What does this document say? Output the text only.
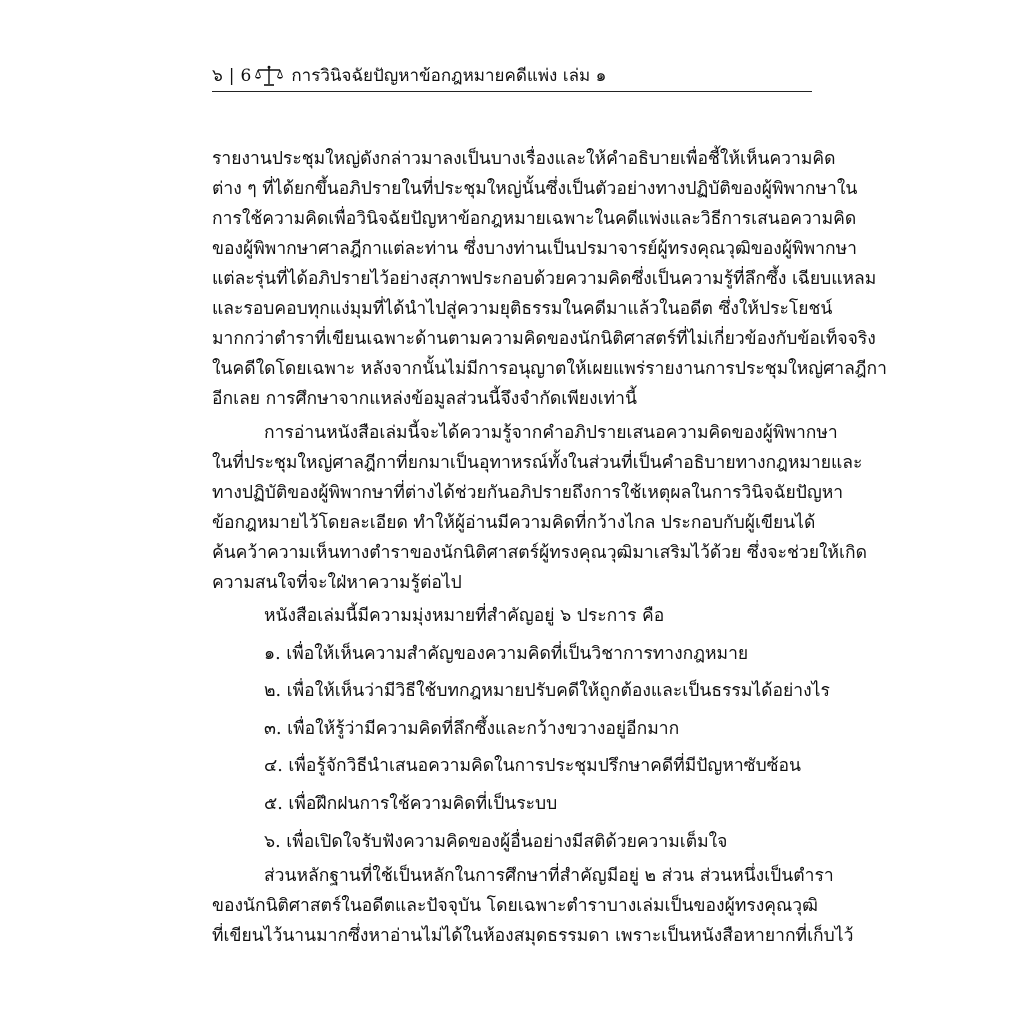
๖ | 6 การวินิจฉัยปัญหาข้อกฎหมายคดีแพ่ง เล่ม ๑
รายงานประชุมใหญ่ดังกล่าวมาลงเป็นบางเรื่องและให้คำอธิบายเพื่อชี้ให้เห็นความคิด
ต่าง ๆ ที่ได้ยกขึ้นอภิปรายในที่ประชุมใหญ่นั้นซึ่งเป็นตัวอย่างทางปฏิบัติของผู้พิพากษาใน
การใช้ความคิดเพื่อวินิจฉัยปัญหาข้อกฎหมายเฉพาะในคดีแพ่งและวิธีการเสนอความคิด
ของผู้พิพากษาศาลฎีกาแต่ละท่าน ซึ่งบางท่านเป็นปรมาจารย์ผู้ทรงคุณวุฒิของผู้พิพากษา
แต่ละรุ่นที่ได้อภิปรายไว้อย่างสุภาพประกอบด้วยความคิดซึ่งเป็นความรู้ที่ลึกซึ้ง เฉียบแหลม
และรอบคอบทุกแง่มุมที่ได้นำไปสู่ความยุติธรรมในคดีมาแล้วในอดีต ซึ่งให้ประโยชน์
มากกว่าตำราที่เขียนเฉพาะด้านตามความคิดของนักนิติศาสตร์ที่ไม่เกี่ยวข้องกับข้อเท็จจริง
ในคดีใดโดยเฉพาะ หลังจากนั้นไม่มีการอนุญาตให้เผยแพร่รายงานการประชุมใหญ่ศาลฎีกา
อีกเลย การศึกษาจากแหล่งข้อมูลส่วนนี้จึงจำกัดเพียงเท่านี้
การอ่านหนังสือเล่มนี้จะได้ความรู้จากคำอภิปรายเสนอความคิดของผู้พิพากษา
ในที่ประชุมใหญ่ศาลฎีกาที่ยกมาเป็นอุทาหรณ์ทั้งในส่วนที่เป็นคำอธิบายทางกฎหมายและ
ทางปฏิบัติของผู้พิพากษาที่ต่างได้ช่วยกันอภิปรายถึงการใช้เหตุผลในการวินิจฉัยปัญหา
ข้อกฎหมายไว้โดยละเอียด ทำให้ผู้อ่านมีความคิดที่กว้างไกล ประกอบกับผู้เขียนได้
ค้นคว้าความเห็นทางตำราของนักนิติศาสตร์ผู้ทรงคุณวุฒิมาเสริมไว้ด้วย ซึ่งจะช่วยให้เกิด
ความสนใจที่จะใฝ่หาความรู้ต่อไป
หนังสือเล่มนี้มีความมุ่งหมายที่สำคัญอยู่ ๖ ประการ คือ
๑. เพื่อให้เห็นความสำคัญของความคิดที่เป็นวิชาการทางกฎหมาย
๒. เพื่อให้เห็นว่ามีวิธีใช้บทกฎหมายปรับคดีให้ถูกต้องและเป็นธรรมได้อย่างไร
๓. เพื่อให้รู้ว่ามีความคิดที่ลึกซึ้งและกว้างขวางอยู่อีกมาก
๔. เพื่อรู้จักวิธีนำเสนอความคิดในการประชุมปรึกษาคดีที่มีปัญหาซับซ้อน
๕. เพื่อฝึกฝนการใช้ความคิดที่เป็นระบบ
๖. เพื่อเปิดใจรับฟังความคิดของผู้อื่นอย่างมีสติด้วยความเต็มใจ
ส่วนหลักฐานที่ใช้เป็นหลักในการศึกษาที่สำคัญมีอยู่ ๒ ส่วน ส่วนหนึ่งเป็นตำรา
ของนักนิติศาสตร์ในอดีตและปัจจุบัน โดยเฉพาะตำราบางเล่มเป็นของผู้ทรงคุณวุฒิ
ที่เขียนไว้นานมากซึ่งหาอ่านไม่ได้ในห้องสมุดธรรมดา เพราะเป็นหนังสือหายากที่เก็บไว้
